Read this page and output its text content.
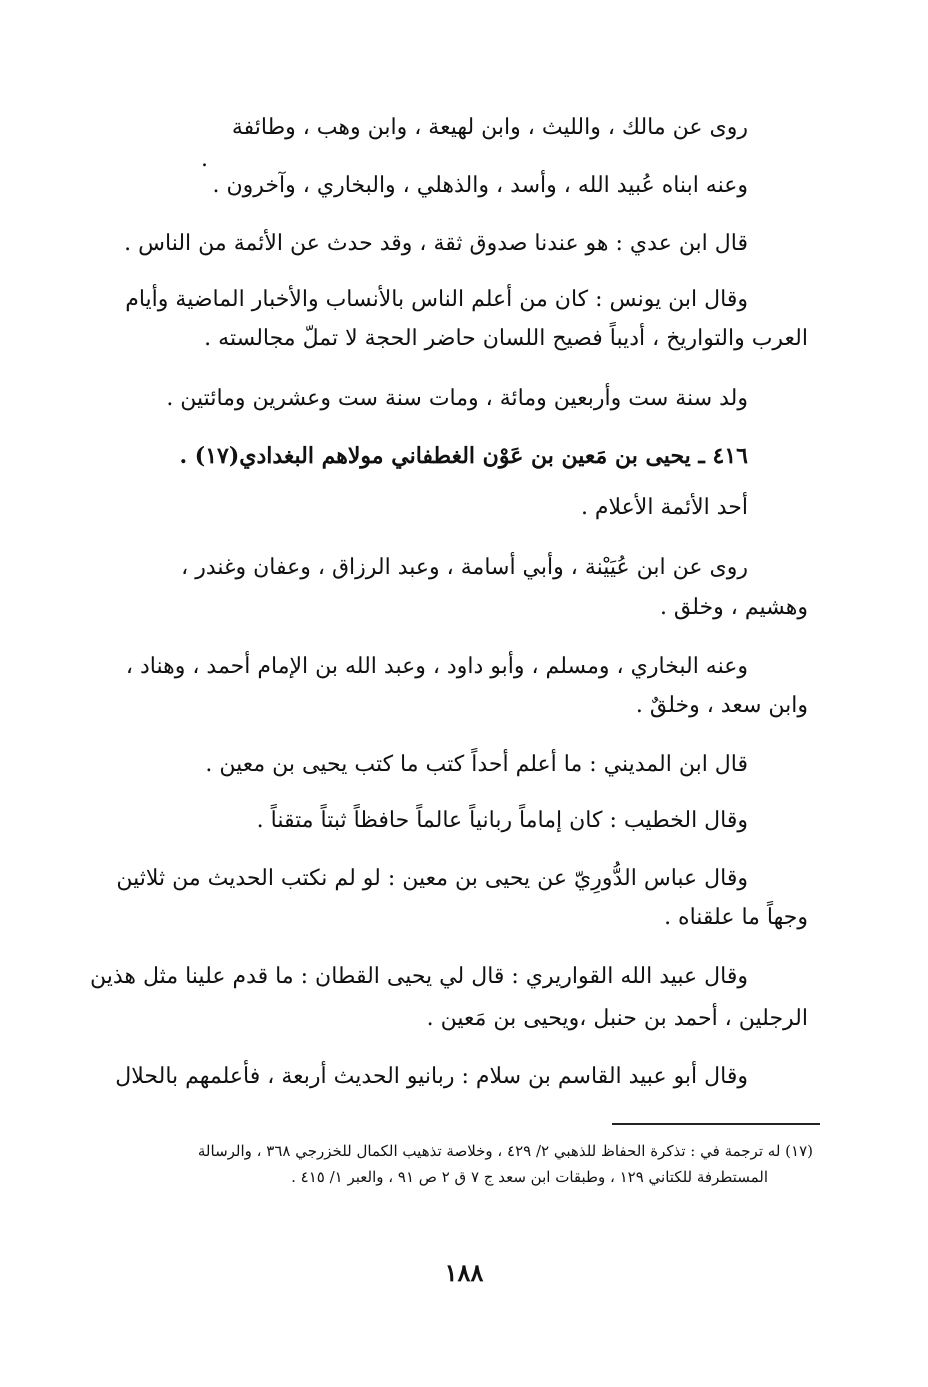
روى عن مالك ، والليث ، وابن لهيعة ، وابن وهب ، وطائفة
.
وعنه ابناه عُبيد الله ، وأسد ، والذهلي ، والبخاري ، وآخرون .
قال ابن عدي : هو عندنا صدوق ثقة ، وقد حدث عن الأئمة من الناس .
وقال ابن يونس : كان من أعلم الناس بالأنساب والأخبار الماضية وأيام
العرب والتواريخ ، أديباً فصيح اللسان حاضر الحجة لا تملّ مجالسته .
ولد سنة ست وأربعين ومائة ، ومات سنة ست وعشرين ومائتين .
٤١٦ ـ يحيى بن مَعين بن عَوْن الغطفاني مولاهم البغدادي(١٧) .
أحد الأئمة الأعلام .
روى عن ابن عُيَيْنة ، وأبي أسامة ، وعبد الرزاق ، وعفان وغندر ،
وهشيم ، وخلق .
وعنه البخاري ، ومسلم ، وأبو داود ، وعبد الله بن الإمام أحمد ، وهناد ،
وابن سعد ، وخلقٌ .
قال ابن المديني : ما أعلم أحداً كتب ما كتب يحيى بن معين .
وقال الخطيب : كان إماماً ربانياً عالماً حافظاً ثبتاً متقناً .
وقال عباس الدُّورِيّ عن يحيى بن معين : لو لم نكتب الحديث من ثلاثين
وجهاً ما علقناه .
وقال عبيد الله القواريري : قال لي يحيى القطان : ما قدم علينا مثل هذين
الرجلين ، أحمد بن حنبل ،ويحيى بن مَعين .
وقال أبو عبيد القاسم بن سلام : ربانيو الحديث أربعة ، فأعلمهم بالحلال
(١٧) له ترجمة في : تذكرة الحفاظ للذهبي ٢/ ٤٢٩ ، وخلاصة تذهيب الكمال للخزرجي ٣٦٨ ، والرسالة
المستطرفة للكتاني ١٢٩ ، وطبقات ابن سعد ج ٧ ق ٢ ص ٩١ ، والعبر ١/ ٤١٥ .
١٨٨
